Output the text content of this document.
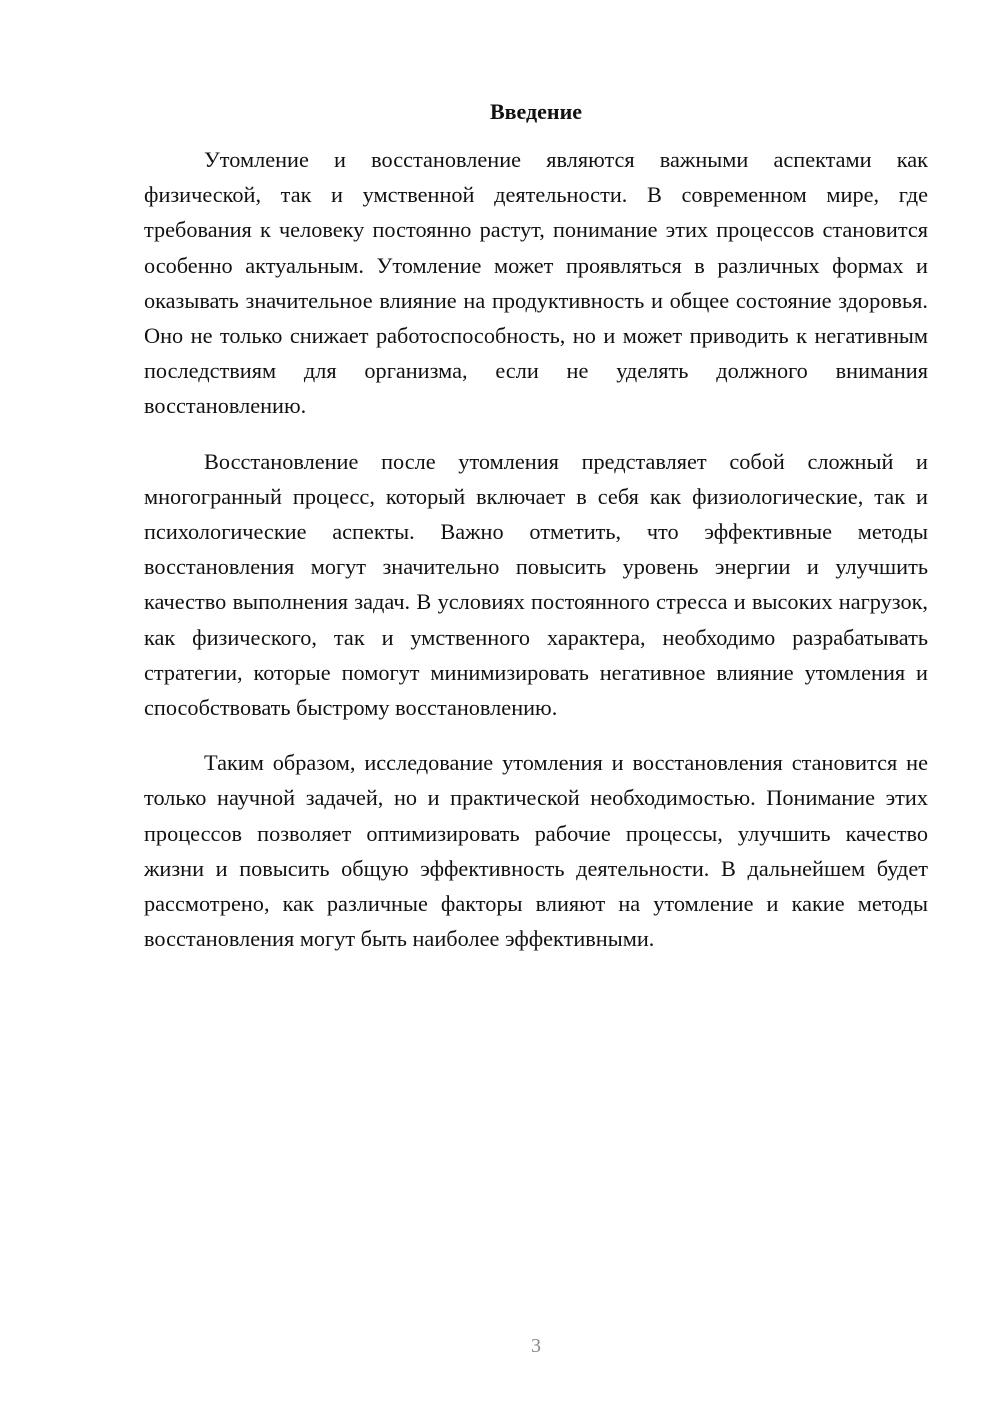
Введение

Утомление и восстановление являются важными аспектами как физической, так и умственной деятельности. В современном мире, где требования к человеку постоянно растут, понимание этих процессов становится особенно актуальным. Утомление может проявляться в различных формах и оказывать значительное влияние на продуктивность и общее состояние здоровья. Оно не только снижает работоспособность, но и может приводить к негативным последствиям для организма, если не уделять должного внимания восстановлению.

Восстановление после утомления представляет собой сложный и многогранный процесс, который включает в себя как физиологические, так и психологические аспекты. Важно отметить, что эффективные методы восстановления могут значительно повысить уровень энергии и улучшить качество выполнения задач. В условиях постоянного стресса и высоких нагрузок, как физического, так и умственного характера, необходимо разрабатывать стратегии, которые помогут минимизировать негативное влияние утомления и способствовать быстрому восстановлению.

Таким образом, исследование утомления и восстановления становится не только научной задачей, но и практической необходимостью. Понимание этих процессов позволяет оптимизировать рабочие процессы, улучшить качество жизни и повысить общую эффективность деятельности. В дальнейшем будет рассмотрено, как различные факторы влияют на утомление и какие методы восстановления могут быть наиболее эффективными.

3
